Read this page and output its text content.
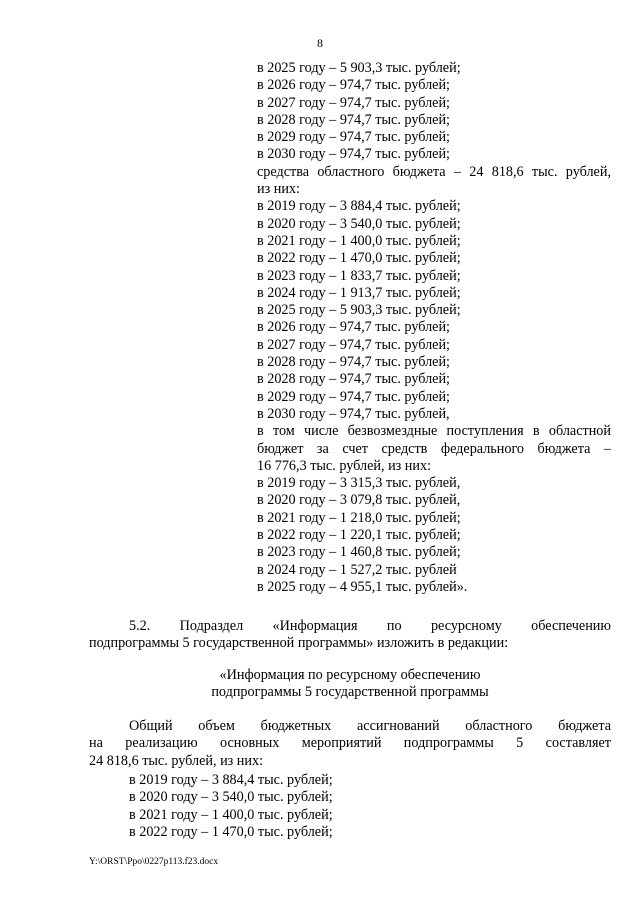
8
в 2025 году – 5 903,3 тыс. рублей;
в 2026 году – 974,7 тыс. рублей;
в 2027 году – 974,7 тыс. рублей;
в 2028 году – 974,7 тыс. рублей;
в 2029 году – 974,7 тыс. рублей;
в 2030 году – 974,7 тыс. рублей;
средства областного бюджета – 24 818,6 тыс. рублей,
из них:
в 2019 году – 3 884,4 тыс. рублей;
в 2020 году – 3 540,0 тыс. рублей;
в 2021 году – 1 400,0 тыс. рублей;
в 2022 году – 1 470,0 тыс. рублей;
в 2023 году – 1 833,7 тыс. рублей;
в 2024 году – 1 913,7 тыс. рублей;
в 2025 году – 5 903,3 тыс. рублей;
в 2026 году – 974,7 тыс. рублей;
в 2027 году – 974,7 тыс. рублей;
в 2028 году – 974,7 тыс. рублей;
в 2028 году – 974,7 тыс. рублей;
в 2029 году – 974,7 тыс. рублей;
в 2030 году – 974,7 тыс. рублей,
в том числе безвозмездные поступления в областной
бюджет за счет средств федерального бюджета –
16 776,3 тыс. рублей, из них:
в 2019 году – 3 315,3 тыс. рублей,
в 2020 году – 3 079,8 тыс. рублей,
в 2021 году – 1 218,0 тыс. рублей;
в 2022 году – 1 220,1 тыс. рублей;
в 2023 году – 1 460,8 тыс. рублей;
в 2024 году – 1 527,2 тыс. рублей
в 2025 году – 4 955,1 тыс. рублей».
5.2. Подраздел «Информация по ресурсному обеспечению
подпрограммы 5 государственной программы» изложить в редакции:
«Информация по ресурсному обеспечению
подпрограммы 5 государственной программы
Общий объем бюджетных ассигнований областного бюджета
на реализацию основных мероприятий подпрограммы 5 составляет
24 818,6 тыс. рублей, из них:
в 2019 году – 3 884,4 тыс. рублей;
в 2020 году – 3 540,0 тыс. рублей;
в 2021 году – 1 400,0 тыс. рублей;
в 2022 году – 1 470,0 тыс. рублей;
Y:\ORST\Ppo\0227p113.f23.docx
